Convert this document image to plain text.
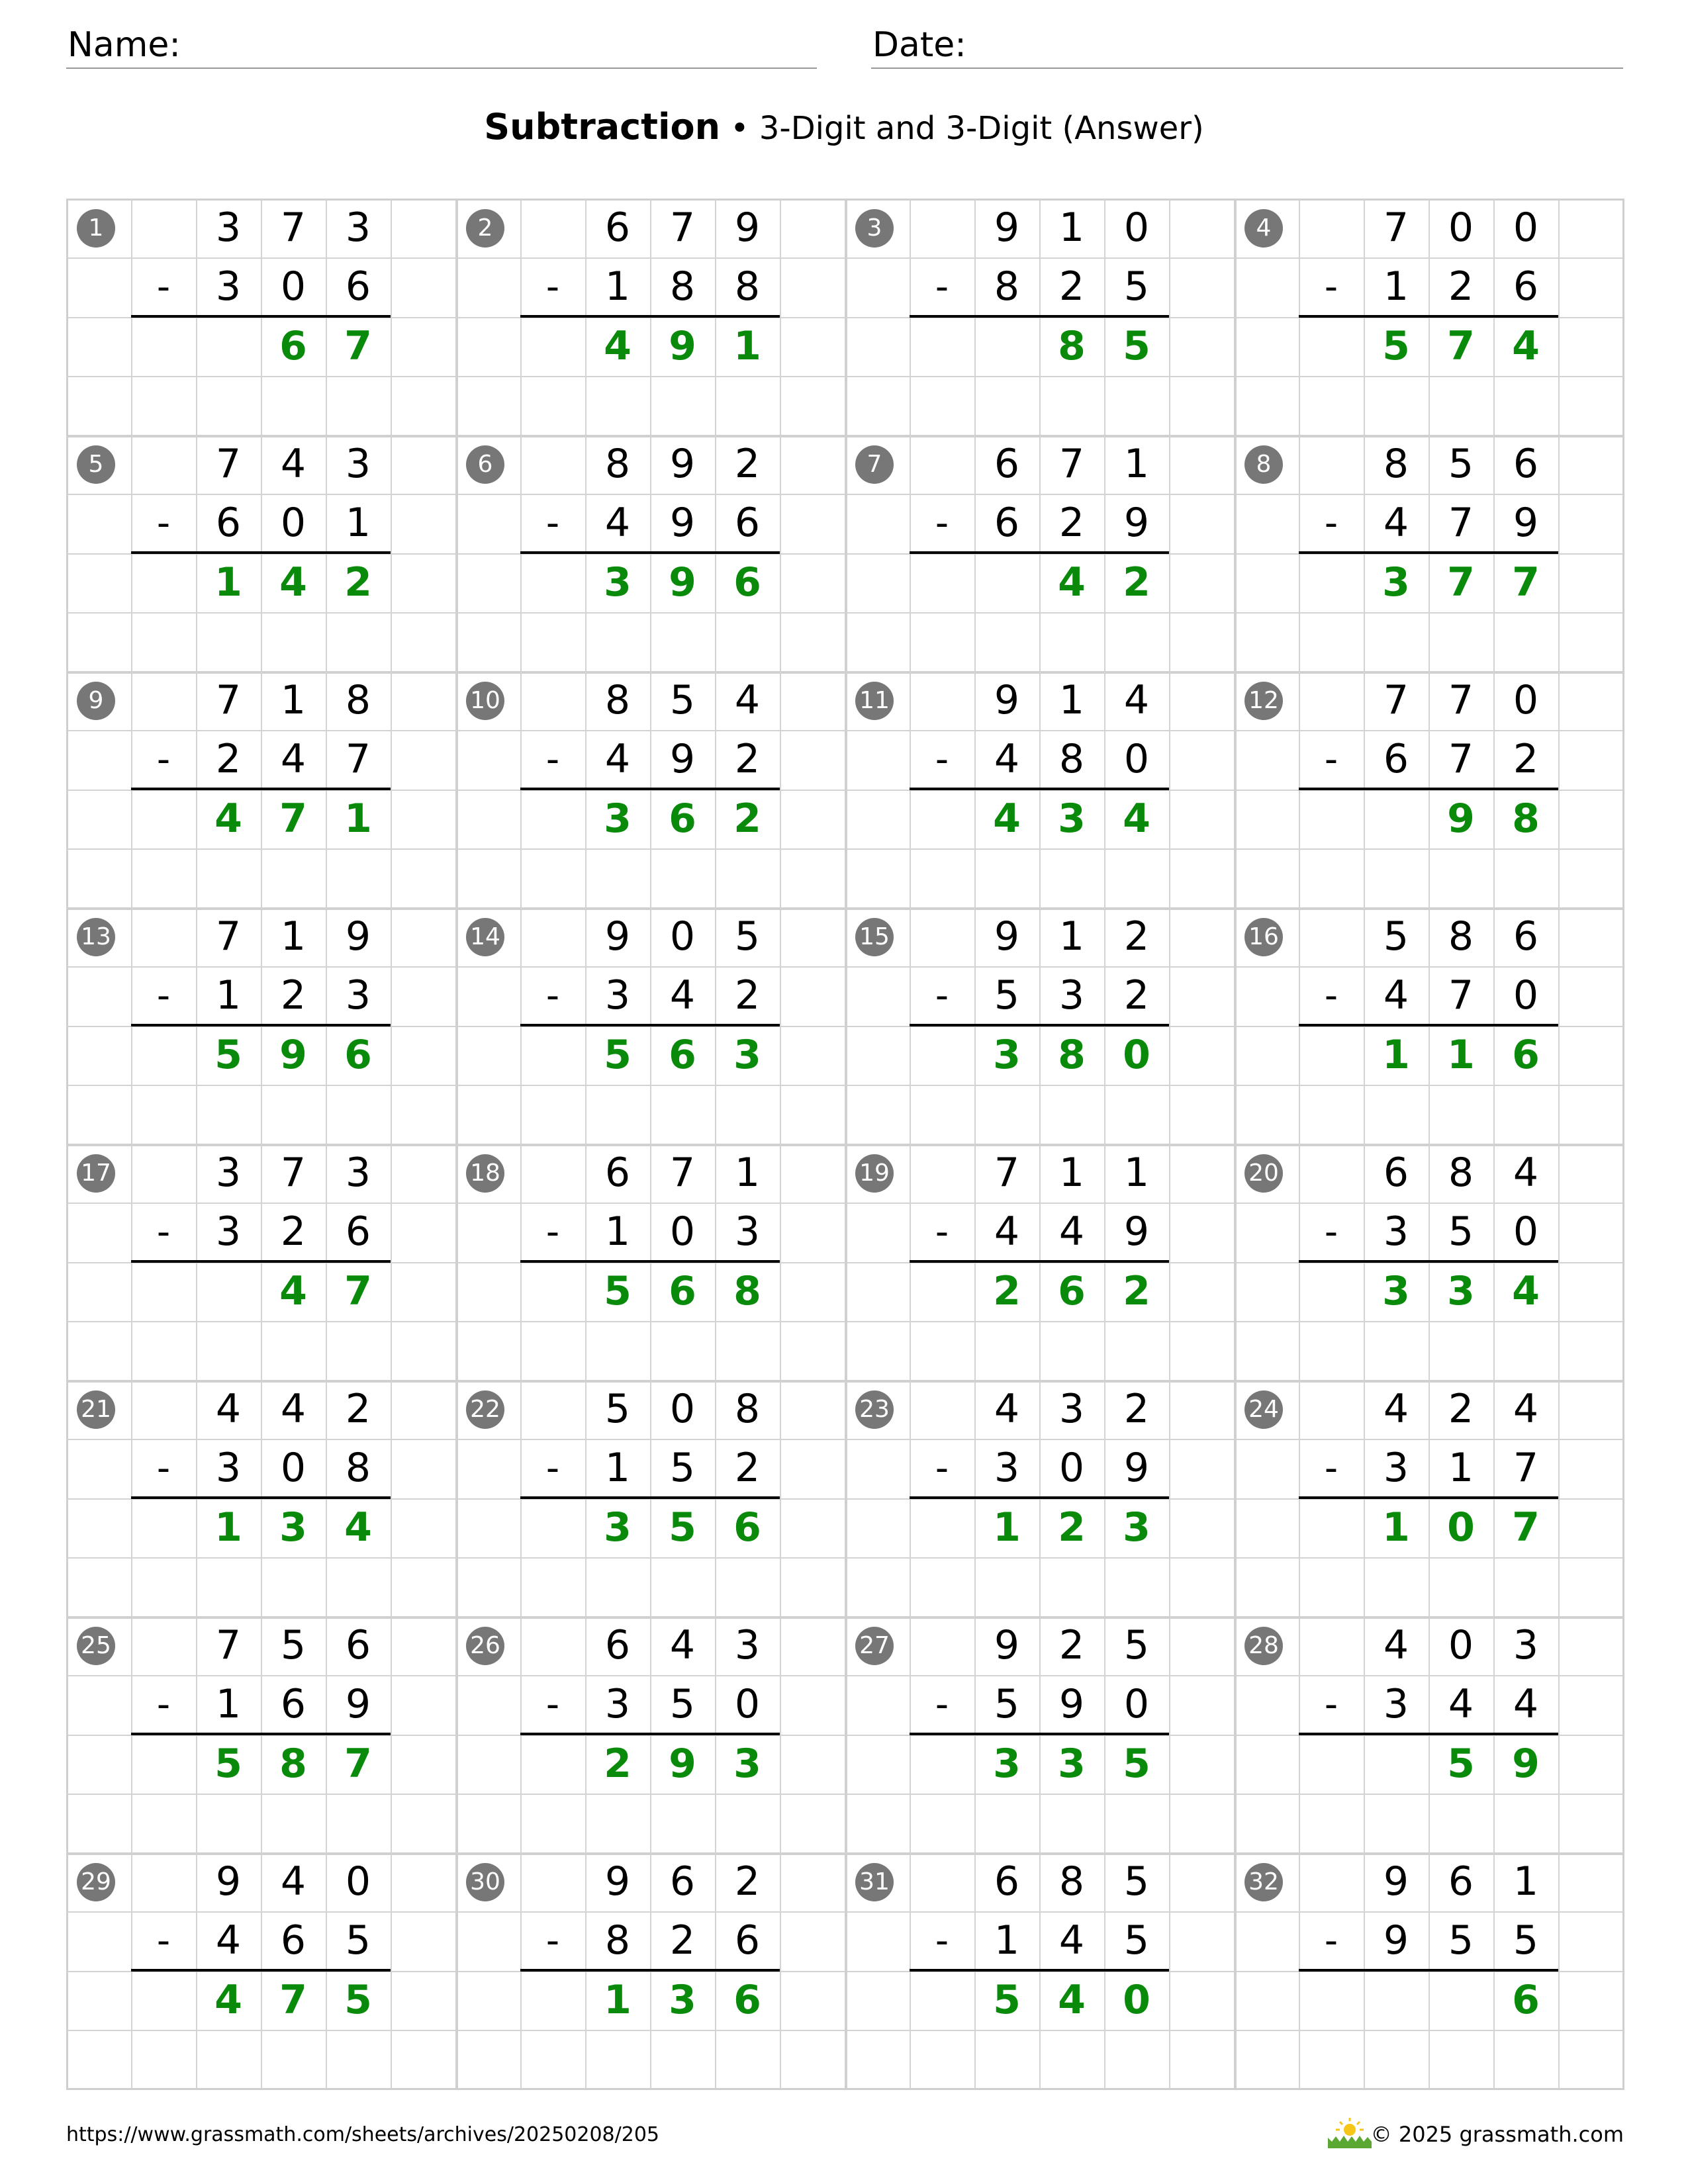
Name:	Date:
Subtraction • 3-Digit and 3-Digit (Answer)
1	3 7 3
-	3 0 6
6 7
2	6 7 9
-	1 8 8
4 9 1
3	9 1 0
-	8 2 5
8 5
4	7 0 0
-	1 2 6
5 7 4
5	7 4 3
-	6 0 1
1 4 2
6	8 9 2
-	4 9 6
3 9 6
7	6 7 1
-	6 2 9
4 2
8	8 5 6
-	4 7 9
3 7 7
9	7 1 8
-	2 4 7
4 7 1
10	8 5 4
-	4 9 2
3 6 2
11	9 1 4
-	4 8 0
4 3 4
12	7 7 0
-	6 7 2
9 8
13	7 1 9
-	1 2 3
5 9 6
14	9 0 5
-	3 4 2
5 6 3
15	9 1 2
-	5 3 2
3 8 0
16	5 8 6
-	4 7 0
1 1 6
17	3 7 3
-	3 2 6
4 7
18	6 7 1
-	1 0 3
5 6 8
19	7 1 1
-	4 4 9
2 6 2
20	6 8 4
-	3 5 0
3 3 4
21	4 4 2
-	3 0 8
1 3 4
22	5 0 8
-	1 5 2
3 5 6
23	4 3 2
-	3 0 9
1 2 3
24	4 2 4
-	3 1 7
1 0 7
25	7 5 6
-	1 6 9
5 8 7
26	6 4 3
-	3 5 0
2 9 3
27	9 2 5
-	5 9 0
3 3 5
28	4 0 3
-	3 4 4
5 9
29	9 4 0
-	4 6 5
4 7 5
30	9 6 2
-	8 2 6
1 3 6
31	6 8 5
-	1 4 5
5 4 0
32	9 6 1
-	9 5 5
6
https://www.grassmath.com/sheets/archives/20250208/205	© 2025 grassmath.com
